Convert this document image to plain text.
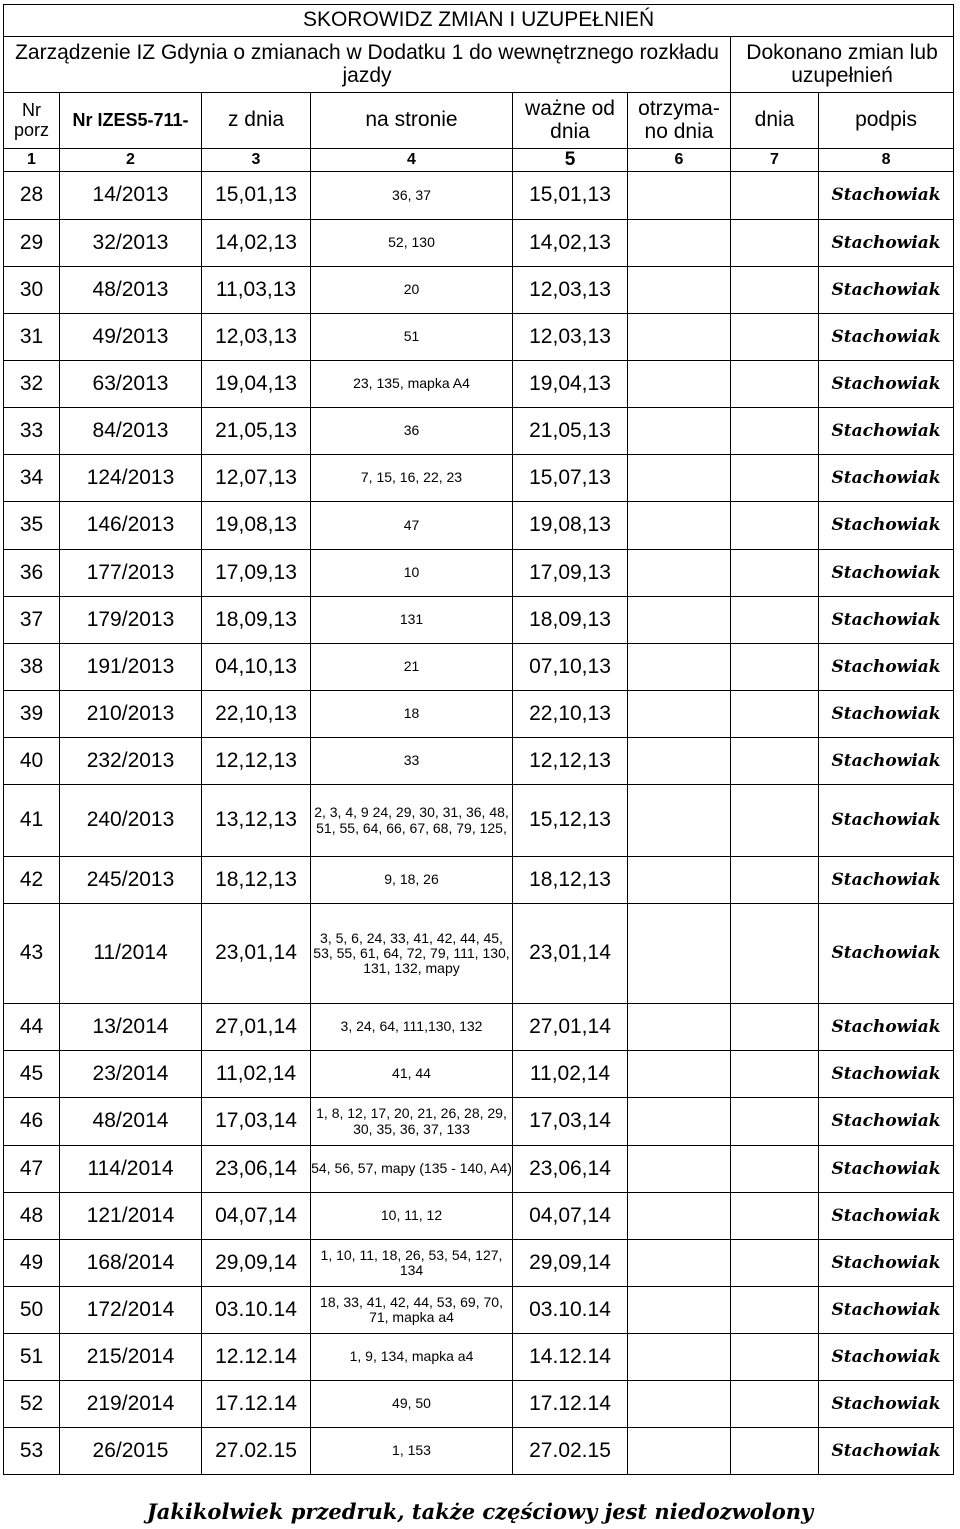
SKOROWIDZ ZMIAN I UZUPEŁNIEŃ							
Zarządzenie IZ Gdynia o zmianach w Dodatku 1 do wewnętrznego rozkładu jazdy						Dokonano zmian lub uzupełnień	
Nr porz	Nr IZES5-711-	z dnia	na stronie	ważne od dnia	otrzyma-no dnia	dnia	podpis
1	2	3	4	5	6	7	8
28	14/2013	15,01,13	36, 37	15,01,13			Stachowiak
29	32/2013	14,02,13	52, 130	14,02,13			Stachowiak
30	48/2013	11,03,13	20	12,03,13			Stachowiak
31	49/2013	12,03,13	51	12,03,13			Stachowiak
32	63/2013	19,04,13	23, 135, mapka A4	19,04,13			Stachowiak
33	84/2013	21,05,13	36	21,05,13			Stachowiak
34	124/2013	12,07,13	7, 15, 16, 22, 23	15,07,13			Stachowiak
35	146/2013	19,08,13	47	19,08,13			Stachowiak
36	177/2013	17,09,13	10	17,09,13			Stachowiak
37	179/2013	18,09,13	131	18,09,13			Stachowiak
38	191/2013	04,10,13	21	07,10,13			Stachowiak
39	210/2013	22,10,13	18	22,10,13			Stachowiak
40	232/2013	12,12,13	33	12,12,13			Stachowiak
41	240/2013	13,12,13	2, 3, 4, 9 24, 29, 30, 31, 36, 48, 51, 55, 64, 66, 67, 68, 79, 125,	15,12,13			Stachowiak
42	245/2013	18,12,13	9, 18, 26	18,12,13			Stachowiak
43	11/2014	23,01,14	3, 5, 6, 24, 33, 41, 42, 44, 45, 53, 55, 61, 64, 72, 79, 111, 130, 131, 132, mapy	23,01,14			Stachowiak
44	13/2014	27,01,14	3, 24, 64, 111,130, 132	27,01,14			Stachowiak
45	23/2014	11,02,14	41, 44	11,02,14			Stachowiak
46	48/2014	17,03,14	1, 8, 12, 17, 20, 21, 26, 28, 29, 30, 35, 36, 37, 133	17,03,14			Stachowiak
47	114/2014	23,06,14	54, 56, 57, mapy (135 - 140, A4)	23,06,14			Stachowiak
48	121/2014	04,07,14	10, 11, 12	04,07,14			Stachowiak
49	168/2014	29,09,14	1, 10, 11, 18, 26, 53, 54, 127, 134	29,09,14			Stachowiak
50	172/2014	03.10.14	18, 33, 41, 42, 44, 53, 69, 70, 71, mapka a4	03.10.14			Stachowiak
51	215/2014	12.12.14	1, 9, 134, mapka a4	14.12.14			Stachowiak
52	219/2014	17.12.14	49, 50	17.12.14			Stachowiak
53	26/2015	27.02.15	1, 153	27.02.15			Stachowiak
Jakikolwiek przedruk, także częściowy jest niedozwolony
